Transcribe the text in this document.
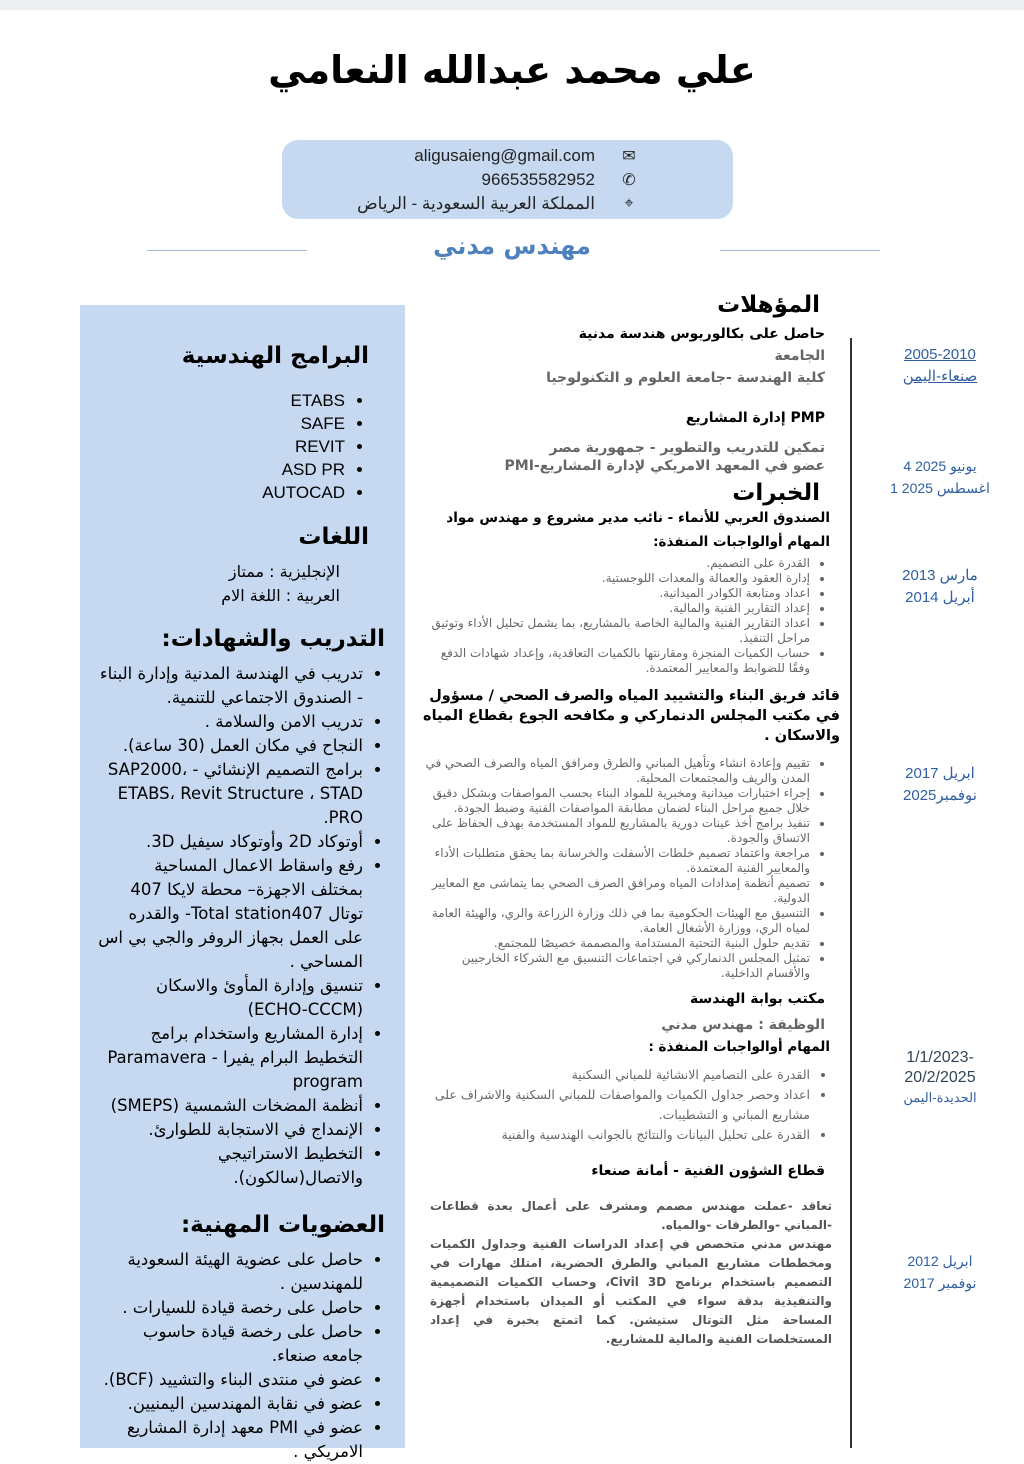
علي محمد عبدالله النعامي
✉
aligusaieng@gmail.com
✆
966535582952
⌖
المملكة العربية السعودية - الرياض
مهندس مدني
البرامج الهندسية
• ETABS
• SAFE
• REVIT
• ASD PR
• AUTOCAD
اللغات

الإنجليزية : ممتاز

العربية : اللغة الام

التدريب والشهادات:
• تدريب في الهندسة المدنية وإدارة البناء - الصندوق الاجتماعي للتنمية.
• تدريب الامن والسلامة .
• النجاح في مكان العمل (30 ساعة).
• برامج التصميم الإنشائي - SAP2000، ETABS، Revit Structure ، STAD PRO.
• أوتوكاد 2D وأوتوكاد سيفيل 3D.
• رفع واسقاط الاعمال المساحية بمختلف الاجهزة– محطة لايكا 407 توتال Total station407- والقدره على العمل بجهاز الروفر والجي بي اس المساحي .
• تنسيق وإدارة المأوئ والاسكان (ECHO-CCCM)
• إدارة المشاريع واستخدام برامج التخطيط البرام يفيرا - Paramavera program
• أنظمة المضخات الشمسية (SMEPS)
• الإنمداج في الاستجابة للطوارئ.
• التخطيط الاستراتيجي والاتصال(سالكون).
العضويات المهنية:
• حاصل على عضوية الهيئة السعودية للمهندسين .
• حاصل على رخصة قيادة للسيارات .
• حاصل على رخصة قيادة حاسوب جامعه صنعاء.
• عضو في منتدى البناء والتشييد (BCF).
• عضو في نقابة المهندسين اليمنيين.
• عضو في PMI معهد إدارة المشاريع الامريكي .
المؤهلات

حاصل على بكالوريوس هندسة مدنية

الجامعة

كلية الهندسة -جامعة العلوم و التكنولوجيا

PMP إدارة المشاريع

تمكين للتدريب والتطوير - جمهورية مصر

عضو في المعهد الامريكي لإدارة المشاريع-PMI

الخبرات

الصندوق العربي للأنماء - نائب مدير مشروع و مهندس مواد

المهام أوالواجبات المنفذة:

• القدرة على التصميم.
• إدارة العقود والعمالة والمعدات اللوجستية.
• اعداد ومتابعة الكوادر الميدانية.
• إعداد التقارير الفنية والمالية.
• اعداد التقارير الفنية والمالية الخاصة بالمشاريع، بما يشمل تحليل الأداء وتوثيق مراحل التنفيذ.
• حساب الكميات المنجزة ومقارنتها بالكميات التعاقدية، وإعداد شهادات الدفع وفقًا للضوابط والمعايير المعتمدة.

قائد فريق البناء والتشييد المياه والصرف الصحي / مسؤول في مكتب المجلس الدنماركي و مكافحه الجوع بقطاع المياه والاسكان .

• تقييم وإعادة انشاء وتأهيل المباني والطرق ومرافق المياه والصرف الصحي في المدن والريف والمجتمعات المحلية.
• إجراء اختبارات ميدانية ومخبرية للمواد البناء بحسب المواصفات وبشكل دقيق خلال جميع مراحل البناء لضمان مطابقة المواصفات الفنية وضبط الجودة.
• تنفيذ برامج أخذ عينات دورية بالمشاريع للمواد المستخدمة بهدف الحفاظ على الاتساق والجودة.
• مراجعة واعتماد تصميم خلطات الأسفلت والخرسانة بما يحقق متطلبات الأداء والمعايير الفنية المعتمدة.
• تصميم أنظمة إمدادات المياه ومرافق الصرف الصحي بما يتماشى مع المعايير الدولية.
• التنسيق مع الهيئات الحكومية بما في ذلك وزارة الزراعة والري، والهيئة العامة لمياه الري، ووزارة الأشغال العامة.
• تقديم حلول البنية التحتية المستدامة والمصممة خصيصًا للمجتمع.
• تمثيل المجلس الدنماركي في اجتماعات التنسيق مع الشركاء الخارجيين والأقسام الداخلية.

مكتب بوابة الهندسة

الوظيفة : مهندس مدني

المهام أوالواجبات المنفذة :

• القدرة على التصاميم الانشائية للمباني السكنية
• اعداد وحصر جداول الكميات والمواصفات للمباني السكنية والاشراف على مشاريع المباني و التشطيبات.
• القدرة على تحليل البيانات والنتائج بالجوانب الهندسية والفنية

قطاع الشؤون الفنية - أمانة صنعاء

تعاقد -عملت مهندس مصمم ومشرف على أعمال بعدة قطاعات -المباني -والطرقات -والمياه.

مهندس مدني متخصص في إعداد الدراسات الفنية وجداول الكميات ومخططات مشاريع المباني والطرق الحضرية، امتلك مهارات في التصميم باستخدام برنامج Civil 3D، وحساب الكميات التصميمية والتنفيذية بدقة سواء في المكتب أو الميدان باستخدام أجهزة المساحة مثل التوتال ستيشن. كما اتمتع بخبرة في إعداد المستخلصات الفنية والمالية للمشاريع.

2005-2010

صنعاء-اليمن

4 يونيو 2025

1 اغسطس 2025

مارس 2013

أبريل 2014

ابريل 2017

نوفمبر2025

1/1/2023-

20/2/2025

الحديدة-اليمن

ابريل 2012

نوفمبر 2017
